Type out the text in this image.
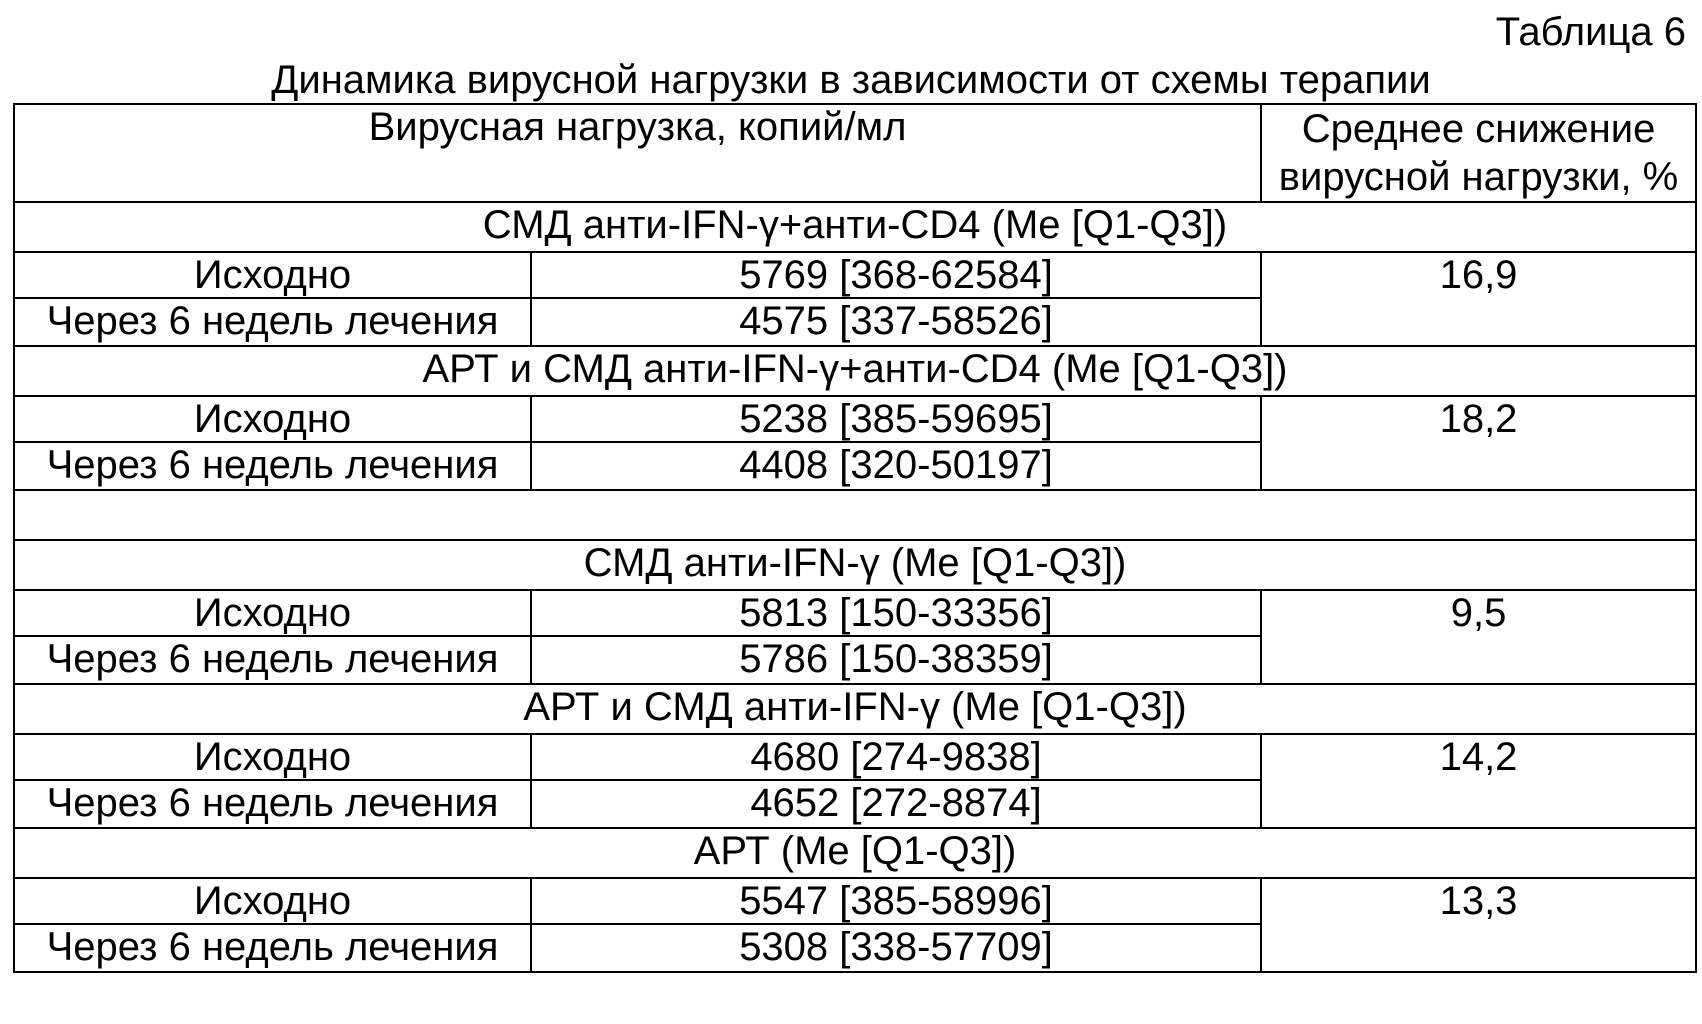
Таблица 6
Динамика вирусной нагрузки в зависимости от схемы терапии
Вирусная нагрузка, копий/мл		Среднее снижение
вирусной нагрузки, %
СМД анти-IFN-γ+анти-CD4 (Me [Q1-Q3])		
Исходно	5769 [368-62584]	16,9
Через 6 недель лечения	4575 [337-58526]	
АРТ и СМД анти-IFN-γ+анти-CD4 (Me [Q1-Q3])		
Исходно	5238 [385-59695]	18,2
Через 6 недель лечения	4408 [320-50197]	

СМД анти-IFN-γ (Me [Q1-Q3])		
Исходно	5813 [150-33356]	9,5
Через 6 недель лечения	5786 [150-38359]	
АРТ и СМД анти-IFN-γ (Me [Q1-Q3])		
Исходно	4680 [274-9838]	14,2
Через 6 недель лечения	4652 [272-8874]	
АРТ (Me [Q1-Q3])		
Исходно	5547 [385-58996]	13,3
Через 6 недель лечения	5308 [338-57709]	
